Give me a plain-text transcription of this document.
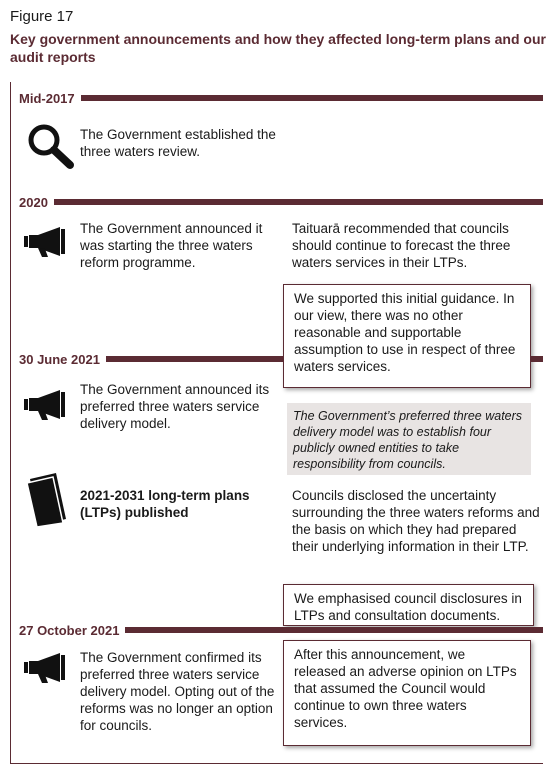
Figure 17
Key government announcements and how they affected long-term plans and our audit reports
Mid-2017
The Government established the three waters review.
2020
The Government announced it was starting the three waters reform programme.
Taituarā recommended that councils should continue to forecast the three waters services in their LTPs.
We supported this initial guidance. In our view, there was no other reasonable and supportable assumption to use in respect of three waters services.
30 June 2021
The Government announced its preferred three waters service delivery model.	The Government’s preferred three waters delivery model was to establish four publicly owned entities to take responsibility from councils.
2021-2031 long-term plans (LTPs) published
Councils disclosed the uncertainty surrounding the three waters reforms and the basis on which they had prepared their underlying information in their LTP.
We emphasised council disclosures in LTPs and consultation documents.
27 October 2021
The Government confirmed its preferred three waters service delivery model. Opting out of the reforms was no longer an option for councils.
After this announcement, we released an adverse opinion on LTPs that assumed the Council would continue to own three waters services.
